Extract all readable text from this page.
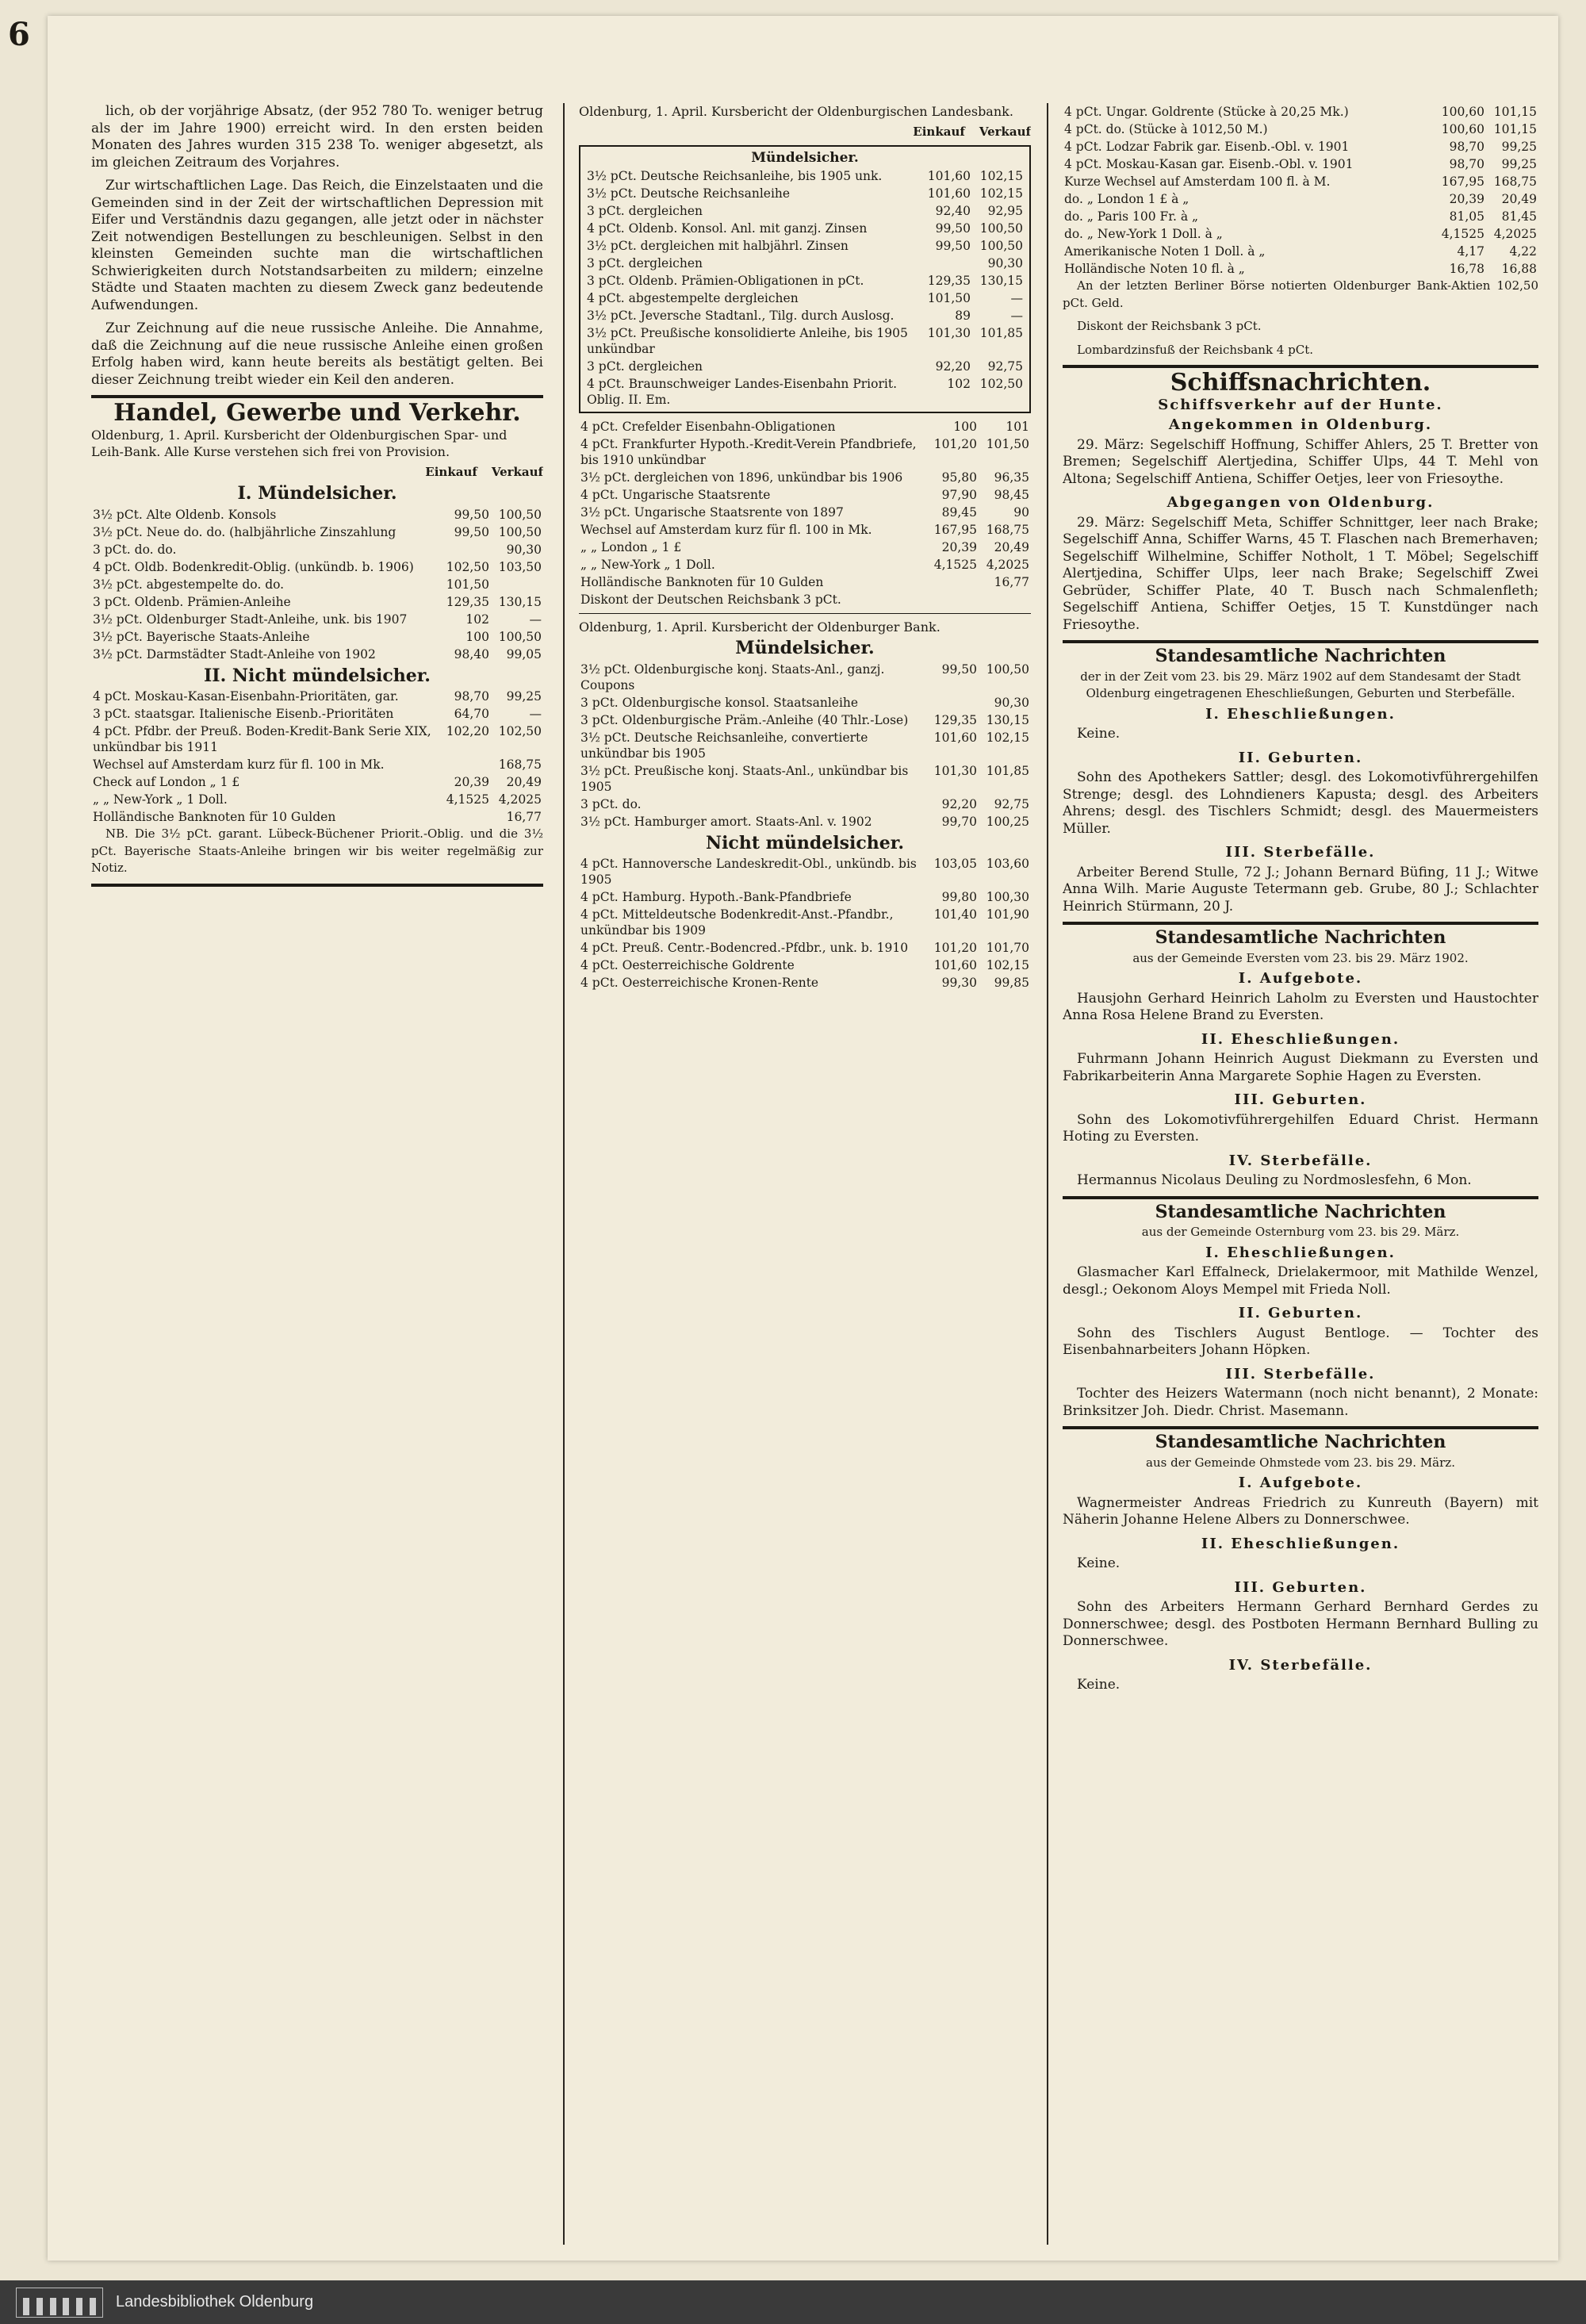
6

lich, ob der vorjährige Absatz, (der 952 780 To. weniger betrug als der im Jahre 1900) erreicht wird. In den ersten beiden Monaten des Jahres wurden 315 238 To. weniger abgesetzt, als im gleichen Zeitraum des Vorjahres.

Zur wirtschaftlichen Lage. Das Reich, die Einzelstaaten und die Gemeinden sind in der Zeit der wirtschaftlichen Depression mit Eifer und Verständnis dazu gegangen, alle jetzt oder in nächster Zeit notwendigen Bestellungen zu beschleunigen. Selbst in den kleinsten Gemeinden suchte man die wirtschaftlichen Schwierigkeiten durch Notstandsarbeiten zu mildern; einzelne Städte und Staaten machten zu diesem Zweck ganz bedeutende Aufwendungen.

Zur Zeichnung auf die neue russische Anleihe. Die Annahme, daß die Zeichnung auf die neue russische Anleihe einen großen Erfolg haben wird, kann heute bereits als bestätigt gelten. Bei dieser Zeichnung treibt wieder ein Keil den anderen.

Handel, Gewerbe und Verkehr.
Oldenburg, 1. April. Kursbericht der Oldenburgischen Spar- und Leih-Bank. Alle Kurse verstehen sich frei von Provision.
Einkauf Verkauf
I. Mündelsicher.
3½ pCt. Alte Oldenb. Konsols	99,50	100,50
3½ pCt. Neue do. do. (halbjährliche Zinszahlung	99,50	100,50
3 pCt. do. do.		90,30
4 pCt. Oldb. Bodenkredit-Oblig. (unkündb. b. 1906)	102,50	103,50
3½ pCt. abgestempelte do. do.	101,50	
3 pCt. Oldenb. Prämien-Anleihe	129,35	130,15
3½ pCt. Oldenburger Stadt-Anleihe, unk. bis 1907	102	—
3½ pCt. Bayerische Staats-Anleihe	100	100,50
3½ pCt. Darmstädter Stadt-Anleihe von 1902	98,40	99,05
II. Nicht mündelsicher.
4 pCt. Moskau-Kasan-Eisenbahn-Prioritäten, gar.	98,70	99,25
3 pCt. staatsgar. Italienische Eisenb.-Prioritäten	64,70	—
4 pCt. Pfdbr. der Preuß. Boden-Kredit-Bank Serie XIX, unkündbar bis 1911	102,20	102,50
Wechsel auf Amsterdam kurz für fl. 100 in Mk.		168,75
Check auf London „ 1 £	20,39	20,49
„ „ New-York „ 1 Doll.	4,1525	4,2025
Holländische Banknoten für 10 Gulden		16,77

NB. Die 3½ pCt. garant. Lübeck-Büchener Priorit.-Oblig. und die 3½ pCt. Bayerische Staats-Anleihe bringen wir bis weiter regelmäßig zur Notiz.

Oldenburg, 1. April. Kursbericht der Oldenburgischen Landesbank.
Einkauf Verkauf
Mündelsicher.
3½ pCt. Deutsche Reichsanleihe, bis 1905 unk.	101,60	102,15
3½ pCt. Deutsche Reichsanleihe	101,60	102,15
3 pCt. dergleichen	92,40	92,95
4 pCt. Oldenb. Konsol. Anl. mit ganzj. Zinsen	99,50	100,50
3½ pCt. dergleichen mit halbjährl. Zinsen	99,50	100,50
3 pCt. dergleichen		90,30
3 pCt. Oldenb. Prämien-Obligationen in pCt.	129,35	130,15
4 pCt. abgestempelte dergleichen	101,50	—
3½ pCt. Jeversche Stadtanl., Tilg. durch Auslosg.	89	—
3½ pCt. Preußische konsolidierte Anleihe, bis 1905 unkündbar	101,30	101,85
3 pCt. dergleichen	92,20	92,75
4 pCt. Braunschweiger Landes-Eisenbahn Priorit. Oblig. II. Em.	102	102,50
4 pCt. Crefelder Eisenbahn-Obligationen	100	101
4 pCt. Frankfurter Hypoth.-Kredit-Verein Pfandbriefe, bis 1910 unkündbar	101,20	101,50
3½ pCt. dergleichen von 1896, unkündbar bis 1906	95,80	96,35
4 pCt. Ungarische Staatsrente	97,90	98,45
3½ pCt. Ungarische Staatsrente von 1897	89,45	90
Wechsel auf Amsterdam kurz für fl. 100 in Mk.	167,95	168,75
„ „ London „ 1 £	20,39	20,49
„ „ New-York „ 1 Doll.	4,1525	4,2025
Holländische Banknoten für 10 Gulden		16,77
Diskont der Deutschen Reichsbank 3 pCt.		
Oldenburg, 1. April. Kursbericht der Oldenburger Bank.
Mündelsicher.
3½ pCt. Oldenburgische konj. Staats-Anl., ganzj. Coupons	99,50	100,50
3 pCt. Oldenburgische konsol. Staatsanleihe		90,30
3 pCt. Oldenburgische Präm.-Anleihe (40 Thlr.-Lose)	129,35	130,15
3½ pCt. Deutsche Reichsanleihe, convertierte unkündbar bis 1905	101,60	102,15
3½ pCt. Preußische konj. Staats-Anl., unkündbar bis 1905	101,30	101,85
3 pCt. do.	92,20	92,75
3½ pCt. Hamburger amort. Staats-Anl. v. 1902	99,70	100,25
Nicht mündelsicher.
4 pCt. Hannoversche Landeskredit-Obl., unkündb. bis 1905	103,05	103,60
4 pCt. Hamburg. Hypoth.-Bank-Pfandbriefe	99,80	100,30
4 pCt. Mitteldeutsche Bodenkredit-Anst.-Pfandbr., unkündbar bis 1909	101,40	101,90
4 pCt. Preuß. Centr.-Bodencred.-Pfdbr., unk. b. 1910	101,20	101,70
4 pCt. Oesterreichische Goldrente	101,60	102,15
4 pCt. Oesterreichische Kronen-Rente	99,30	99,85
4 pCt. Ungar. Goldrente (Stücke à 20,25 Mk.)	100,60	101,15
4 pCt. do. (Stücke à 1012,50 M.)	100,60	101,15
4 pCt. Lodzar Fabrik gar. Eisenb.-Obl. v. 1901	98,70	99,25
4 pCt. Moskau-Kasan gar. Eisenb.-Obl. v. 1901	98,70	99,25
Kurze Wechsel auf Amsterdam 100 fl. à M.	167,95	168,75
do. „ London 1 £ à „	20,39	20,49
do. „ Paris 100 Fr. à „	81,05	81,45
do. „ New-York 1 Doll. à „	4,1525	4,2025
Amerikanische Noten 1 Doll. à „	4,17	4,22
Holländische Noten 10 fl. à „	16,78	16,88

An der letzten Berliner Börse notierten Oldenburger Bank-Aktien 102,50 pCt. Geld.

Diskont der Reichsbank 3 pCt.

Lombardzinsfuß der Reichsbank 4 pCt.

Schiffsnachrichten.
Schiffsverkehr auf der Hunte.
Angekommen in Oldenburg.

29. März: Segelschiff Hoffnung, Schiffer Ahlers, 25 T. Bretter von Bremen; Segelschiff Alertjedina, Schiffer Ulps, 44 T. Mehl von Altona; Segelschiff Antiena, Schiffer Oetjes, leer von Friesoythe.

Abgegangen von Oldenburg.

29. März: Segelschiff Meta, Schiffer Schnittger, leer nach Brake; Segelschiff Anna, Schiffer Warns, 45 T. Flaschen nach Bremerhaven; Segelschiff Wilhelmine, Schiffer Notholt, 1 T. Möbel; Segelschiff Alertjedina, Schiffer Ulps, leer nach Brake; Segelschiff Zwei Gebrüder, Schiffer Plate, 40 T. Busch nach Schmalenfleth; Segelschiff Antiena, Schiffer Oetjes, 15 T. Kunstdünger nach Friesoythe.

Standesamtliche Nachrichten
der in der Zeit vom 23. bis 29. März 1902 auf dem Standesamt der Stadt Oldenburg eingetragenen Eheschließungen, Geburten und Sterbefälle.
I. Eheschließungen.

Keine.

II. Geburten.

Sohn des Apothekers Sattler; desgl. des Lokomotivführergehilfen Strenge; desgl. des Lohndieners Kapusta; desgl. des Arbeiters Ahrens; desgl. des Tischlers Schmidt; desgl. des Mauermeisters Müller.

III. Sterbefälle.

Arbeiter Berend Stulle, 72 J.; Johann Bernard Büfing, 11 J.; Witwe Anna Wilh. Marie Auguste Tetermann geb. Grube, 80 J.; Schlachter Heinrich Stürmann, 20 J.

Standesamtliche Nachrichten
aus der Gemeinde Eversten vom 23. bis 29. März 1902.
I. Aufgebote.

Hausjohn Gerhard Heinrich Laholm zu Eversten und Haustochter Anna Rosa Helene Brand zu Eversten.

II. Eheschließungen.

Fuhrmann Johann Heinrich August Diekmann zu Eversten und Fabrikarbeiterin Anna Margarete Sophie Hagen zu Eversten.

III. Geburten.

Sohn des Lokomotivführergehilfen Eduard Christ. Hermann Hoting zu Eversten.

IV. Sterbefälle.

Hermannus Nicolaus Deuling zu Nordmoslesfehn, 6 Mon.

Standesamtliche Nachrichten
aus der Gemeinde Osternburg vom 23. bis 29. März.
I. Eheschließungen.

Glasmacher Karl Effalneck, Drielakermoor, mit Mathilde Wenzel, desgl.; Oekonom Aloys Mempel mit Frieda Noll.

II. Geburten.

Sohn des Tischlers August Bentloge. — Tochter des Eisenbahnarbeiters Johann Höpken.

III. Sterbefälle.

Tochter des Heizers Watermann (noch nicht benannt), 2 Monate: Brinksitzer Joh. Diedr. Christ. Masemann.

Standesamtliche Nachrichten
aus der Gemeinde Ohmstede vom 23. bis 29. März.
I. Aufgebote.

Wagnermeister Andreas Friedrich zu Kunreuth (Bayern) mit Näherin Johanne Helene Albers zu Donnerschwee.

II. Eheschließungen.

Keine.

III. Geburten.

Sohn des Arbeiters Hermann Gerhard Bernhard Gerdes zu Donnerschwee; desgl. des Postboten Hermann Bernhard Bulling zu Donnerschwee.

IV. Sterbefälle.

Keine.

Landesbibliothek Oldenburg
